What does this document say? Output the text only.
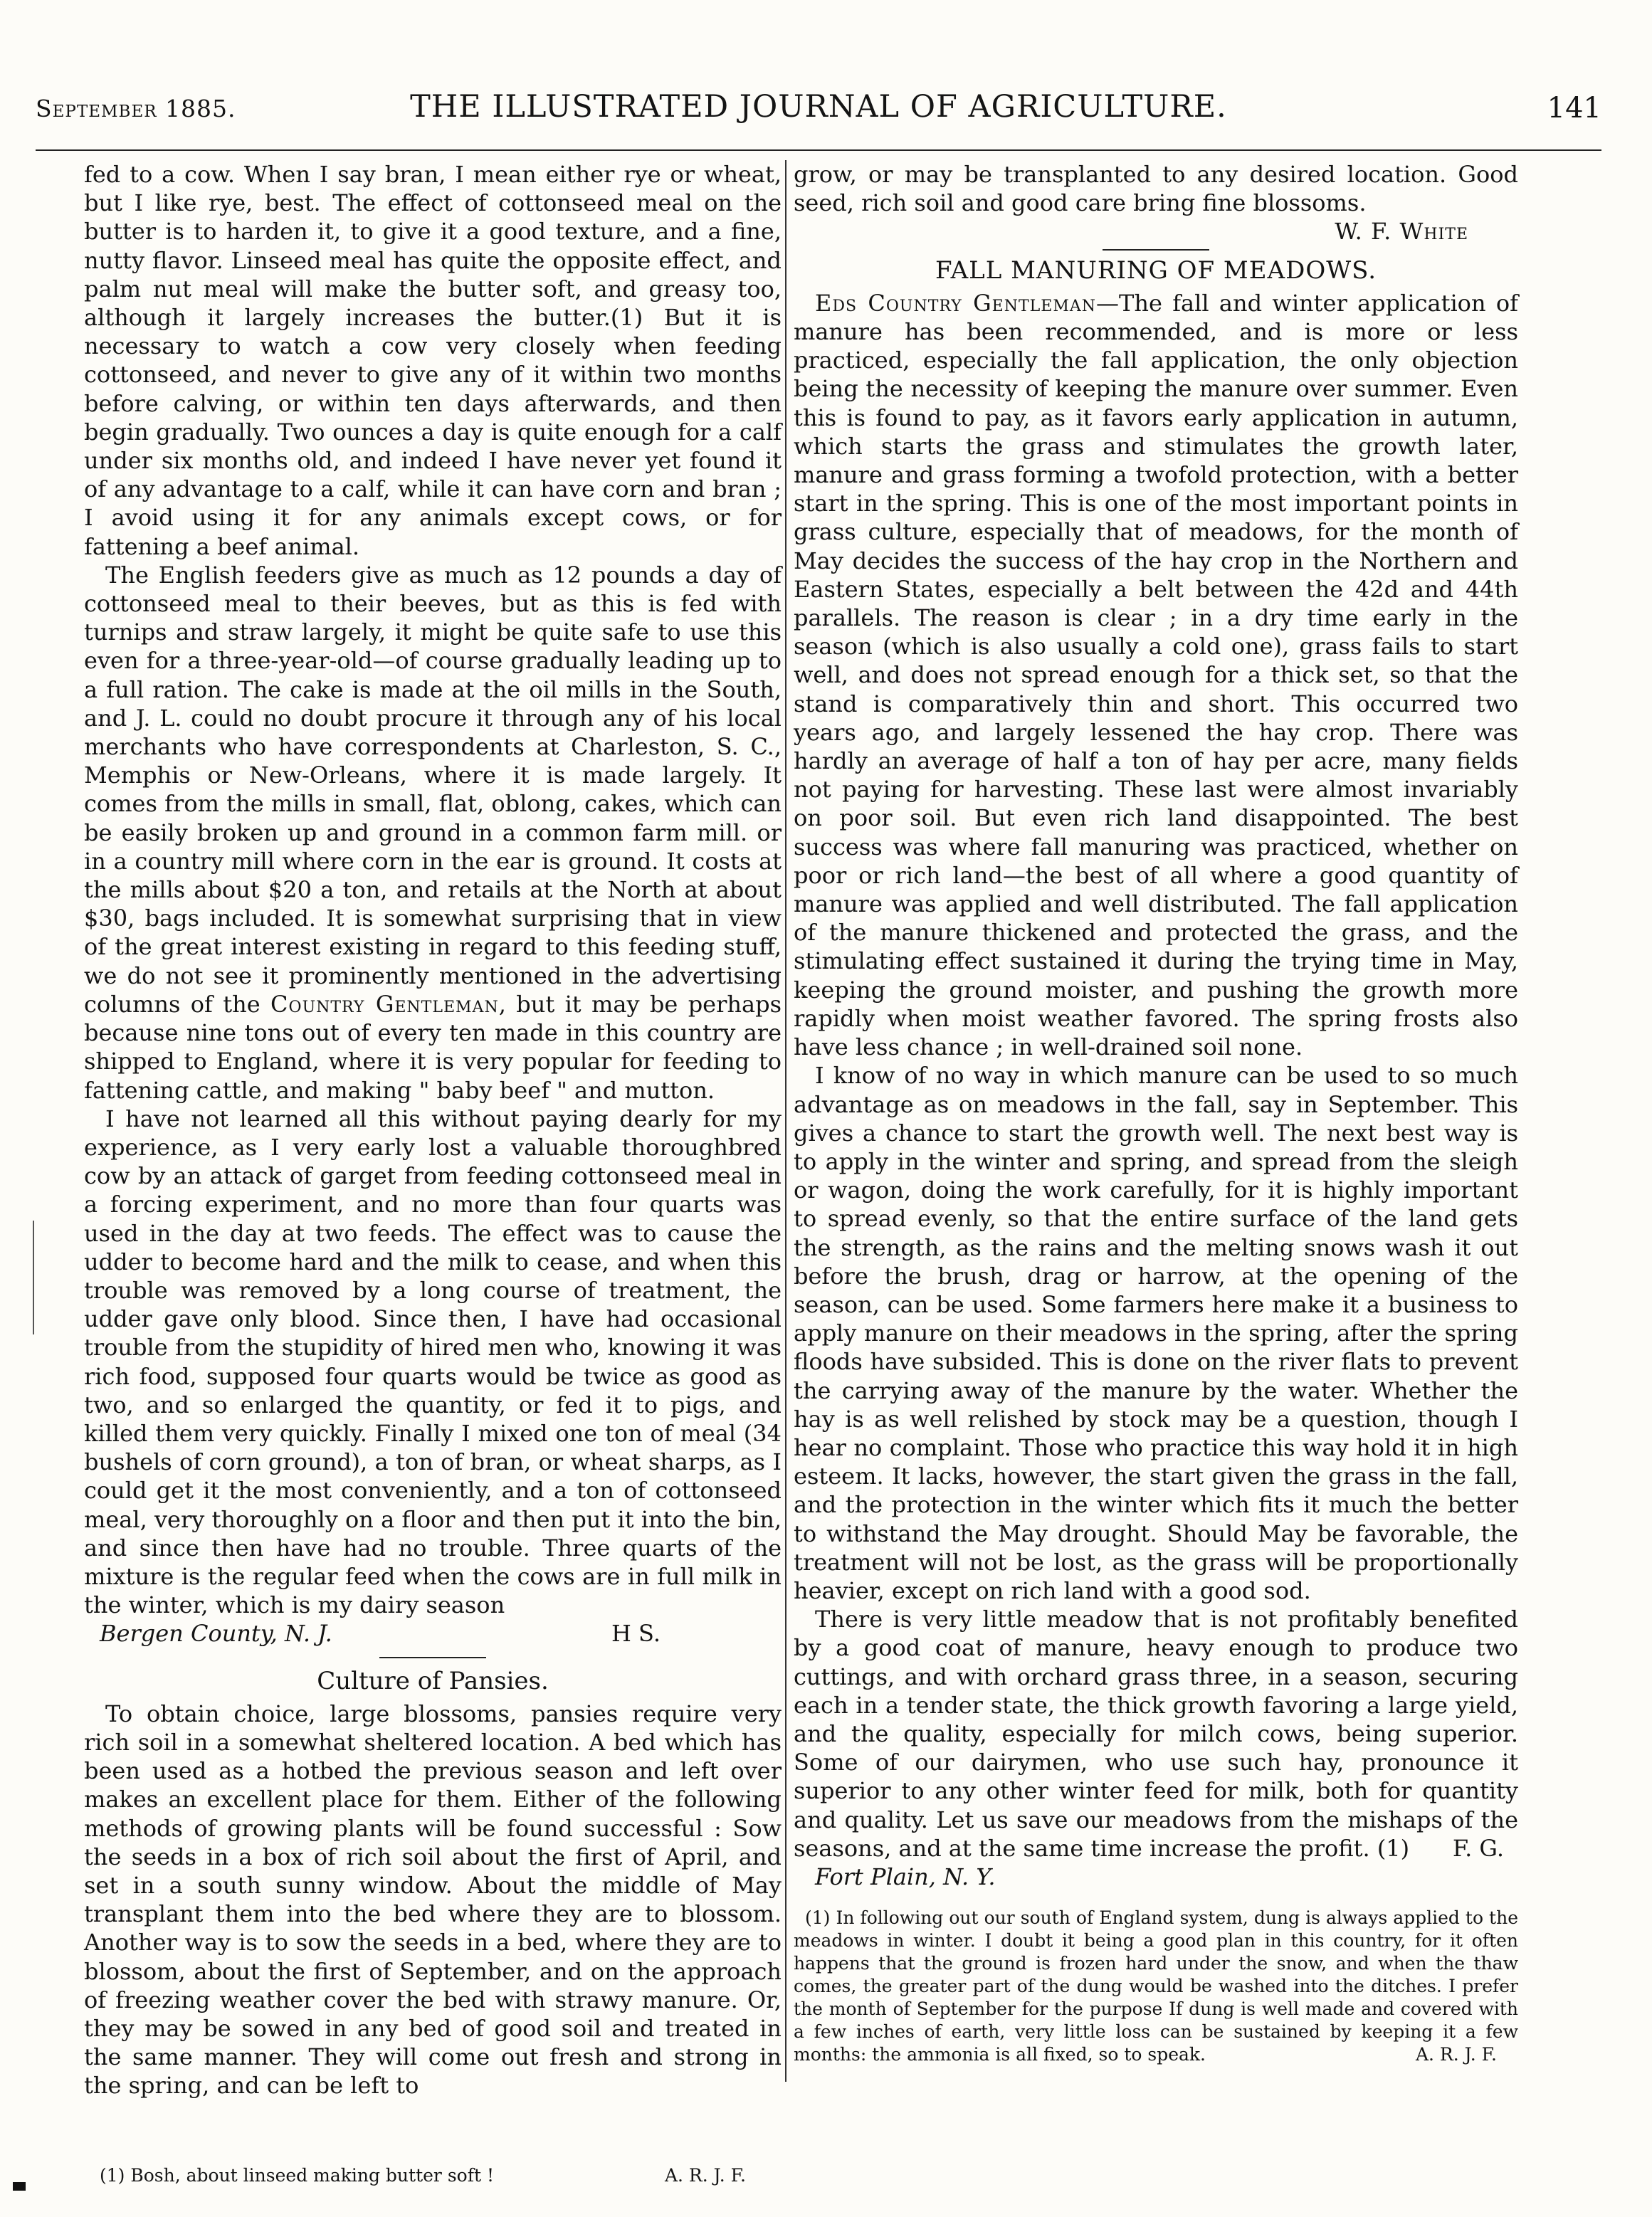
September 1885.	THE ILLUSTRATED JOURNAL OF AGRICULTURE.	141

fed to a cow. When I say bran, I mean either rye or wheat, but I like rye, best. The effect of cottonseed meal on the butter is to harden it, to give it a good texture, and a fine, nutty flavor. Linseed meal has quite the opposite effect, and palm nut meal will make the butter soft, and greasy too, although it largely increases the butter.(1) But it is necessary to watch a cow very closely when feeding cottonseed, and never to give any of it within two months before calving, or within ten days afterwards, and then begin gradually. Two ounces a day is quite enough for a calf under six months old, and indeed I have never yet found it of any advantage to a calf, while it can have corn and bran ; I avoid using it for any animals except cows, or for fattening a beef animal.

The English feeders give as much as 12 pounds a day of cottonseed meal to their beeves, but as this is fed with turnips and straw largely, it might be quite safe to use this even for a three-year-old—of course gradually leading up to a full ration. The cake is made at the oil mills in the South, and J. L. could no doubt procure it through any of his local merchants who have correspondents at Charleston, S. C., Memphis or New-Orleans, where it is made largely. It comes from the mills in small, flat, oblong, cakes, which can be easily broken up and ground in a common farm mill. or in a country mill where corn in the ear is ground. It costs at the mills about $20 a ton, and retails at the North at about $30, bags included. It is somewhat surprising that in view of the great interest existing in regard to this feeding stuff, we do not see it prominently mentioned in the advertising columns of the Country Gentleman, but it may be perhaps because nine tons out of every ten made in this country are shipped to England, where it is very popular for feeding to fattening cattle, and making " baby beef " and mutton.

I have not learned all this without paying dearly for my experience, as I very early lost a valuable thoroughbred cow by an attack of garget from feeding cottonseed meal in a forcing experiment, and no more than four quarts was used in the day at two feeds. The effect was to cause the udder to become hard and the milk to cease, and when this trouble was removed by a long course of treatment, the udder gave only blood. Since then, I have had occasional trouble from the stupidity of hired men who, knowing it was rich food, supposed four quarts would be twice as good as two, and so enlarged the quantity, or fed it to pigs, and killed them very quickly. Finally I mixed one ton of meal (34 bushels of corn ground), a ton of bran, or wheat sharps, as I could get it the most conveniently, and a ton of cottonseed meal, very thoroughly on a floor and then put it into the bin, and since then have had no trouble. Three quarts of the mixture is the regular feed when the cows are in full milk in the winter, which is my dairy season

Bergen County, N. J.	H S.
Culture of Pansies.

To obtain choice, large blossoms, pansies require very rich soil in a somewhat sheltered location. A bed which has been used as a hotbed the previous season and left over makes an excellent place for them. Either of the following methods of growing plants will be found successful : Sow the seeds in a box of rich soil about the first of April, and set in a south sunny window. About the middle of May transplant them into the bed where they are to blossom. Another way is to sow the seeds in a bed, where they are to blossom, about the first of September, and on the approach of freezing weather cover the bed with strawy manure. Or, they may be sowed in any bed of good soil and treated in the same manner. They will come out fresh and strong in the spring, and can be left to

(1) Bosh, about linseed making butter soft !	A. R. J. F.

grow, or may be transplanted to any desired location. Good seed, rich soil and good care bring fine blossoms.

W. F. White

FALL MANURING OF MEADOWS.

Eds Country Gentleman—The fall and winter application of manure has been recommended, and is more or less practiced, especially the fall application, the only objection being the necessity of keeping the manure over summer. Even this is found to pay, as it favors early application in autumn, which starts the grass and stimulates the growth later, manure and grass forming a twofold protection, with a better start in the spring. This is one of the most important points in grass culture, especially that of meadows, for the month of May decides the success of the hay crop in the Northern and Eastern States, especially a belt between the 42d and 44th parallels. The reason is clear ; in a dry time early in the season (which is also usually a cold one), grass fails to start well, and does not spread enough for a thick set, so that the stand is comparatively thin and short. This occurred two years ago, and largely lessened the hay crop. There was hardly an average of half a ton of hay per acre, many fields not paying for harvesting. These last were almost invariably on poor soil. But even rich land disappointed. The best success was where fall manuring was practiced, whether on poor or rich land—the best of all where a good quantity of manure was applied and well distributed. The fall application of the manure thickened and protected the grass, and the stimulating effect sustained it during the trying time in May, keeping the ground moister, and pushing the growth more rapidly when moist weather favored. The spring frosts also have less chance ; in well-drained soil none.

I know of no way in which manure can be used to so much advantage as on meadows in the fall, say in September. This gives a chance to start the growth well. The next best way is to apply in the winter and spring, and spread from the sleigh or wagon, doing the work carefully, for it is highly important to spread evenly, so that the entire surface of the land gets the strength, as the rains and the melting snows wash it out before the brush, drag or harrow, at the opening of the season, can be used. Some farmers here make it a business to apply manure on their meadows in the spring, after the spring floods have subsided. This is done on the river flats to prevent the carrying away of the manure by the water. Whether the hay is as well relished by stock may be a question, though I hear no complaint. Those who practice this way hold it in high esteem. It lacks, however, the start given the grass in the fall, and the protection in the winter which fits it much the better to withstand the May drought. Should May be favorable, the treatment will not be lost, as the grass will be proportionally heavier, except on rich land with a good sod.

There is very little meadow that is not profitably benefited by a good coat of manure, heavy enough to produce two cuttings, and with orchard grass three, in a season, securing each in a tender state, the thick growth favoring a large yield, and the quality, especially for milch cows, being superior. Some of our dairymen, who use such hay, pronounce it superior to any other winter feed for milk, both for quantity and quality. Let us save our meadows from the mishaps of the seasons, and at the same time increase the profit. (1)	F. G.

Fort Plain, N. Y.

(1) In following out our south of England system, dung is always applied to the meadows in winter. I doubt it being a good plan in this country, for it often happens that the ground is frozen hard under the snow, and when the thaw comes, the greater part of the dung would be washed into the ditches. I prefer the month of September for the purpose If dung is well made and covered with a few inches of earth, very little loss can be sustained by keeping it a few months: the ammonia is all fixed, so to speak.	A. R. J. F.
